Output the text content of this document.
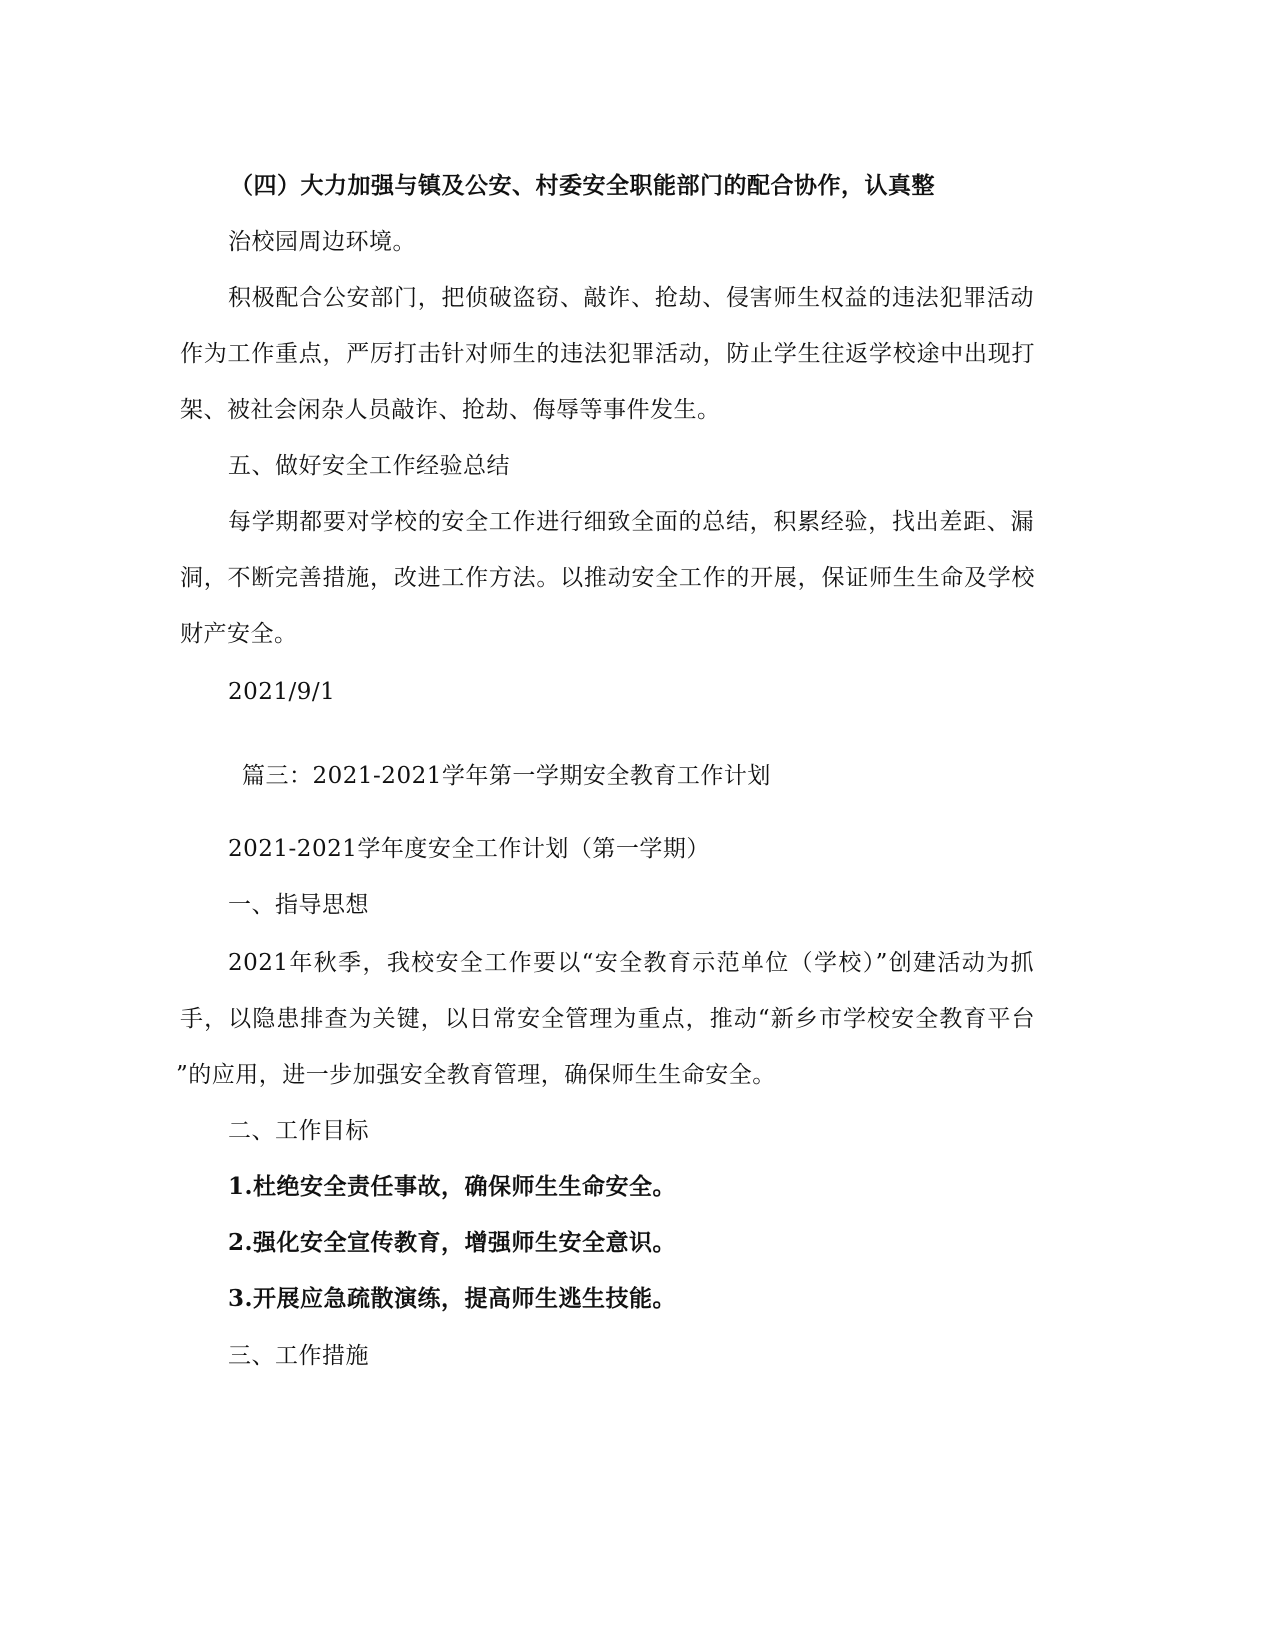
（四）大力加强与镇及公安、村委安全职能部门的配合协作，认真整
治校园周边环境。
积极配合公安部门，把侦破盗窃、敲诈、抢劫、侵害师生权益的违法犯罪活动
作为工作重点，严厉打击针对师生的违法犯罪活动，防止学生往返学校途中出现打
架、被社会闲杂人员敲诈、抢劫、侮辱等事件发生。
五、做好安全工作经验总结
每学期都要对学校的安全工作进行细致全面的总结，积累经验，找出差距、漏
洞，不断完善措施，改进工作方法。以推动安全工作的开展，保证师生生命及学校
财产安全。
2021/9/1
篇三：2021-2021学年第一学期安全教育工作计划
2021-2021学年度安全工作计划（第一学期）
一、指导思想
2021年秋季，我校安全工作要以“安全教育示范单位（学校）”创建活动为抓
手，以隐患排查为关键，以日常安全管理为重点，推动“新乡市学校安全教育平台
”的应用，进一步加强安全教育管理，确保师生生命安全。
二、工作目标
1.杜绝安全责任事故，确保师生生命安全。
2.强化安全宣传教育，增强师生安全意识。
3.开展应急疏散演练，提高师生逃生技能。
三、工作措施
